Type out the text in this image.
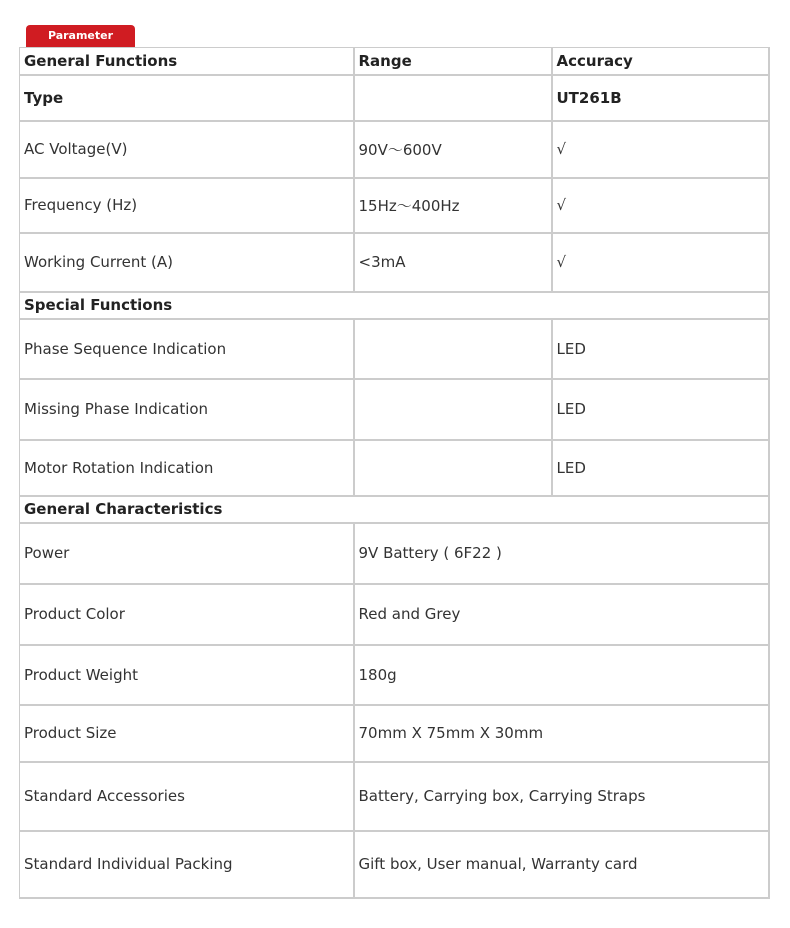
Parameter
General Functions	Range	Accuracy
Type		UT261B
AC Voltage(V)	90V～600V	√
Frequency (Hz)	15Hz～400Hz	√
Working Current (A)	<3mA	√
Special Functions		
Phase Sequence Indication		LED
Missing Phase Indication		LED
Motor Rotation Indication		LED
General Characteristics		
Power	9V Battery ( 6F22 )	
Product Color	Red and Grey	
Product Weight	180g	
Product Size	70mm X 75mm X 30mm	
Standard Accessories	Battery, Carrying box, Carrying Straps	
Standard Individual Packing	Gift box, User manual, Warranty card	
